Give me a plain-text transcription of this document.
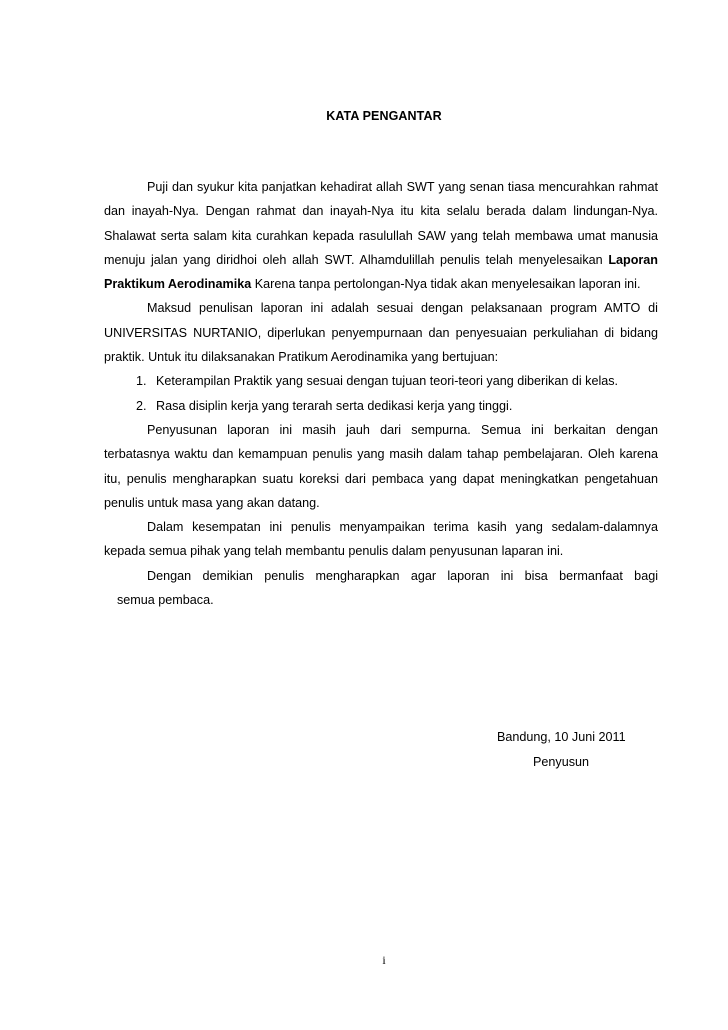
KATA PENGANTAR

Puji dan syukur kita panjatkan kehadirat allah SWT yang senan tiasa mencurahkan rahmat dan inayah-Nya. Dengan rahmat dan inayah-Nya itu kita selalu berada dalam lindungan-Nya. Shalawat serta salam kita curahkan kepada rasulullah SAW yang telah membawa umat manusia menuju jalan yang diridhoi oleh allah SWT. Alhamdulillah penulis telah menyelesaikan Laporan Praktikum Aerodinamika Karena tanpa pertolongan-Nya tidak akan menyelesaikan laporan ini.

Maksud penulisan laporan ini adalah sesuai dengan pelaksanaan program AMTO di UNIVERSITAS NURTANIO, diperlukan penyempurnaan dan penyesuaian perkuliahan di bidang praktik. Untuk itu dilaksanakan Pratikum Aerodinamika yang bertujuan:

1. Keterampilan Praktik yang sesuai dengan tujuan teori-teori yang diberikan di kelas.
2. Rasa disiplin kerja yang terarah serta dedikasi kerja yang tinggi.

Penyusunan laporan ini masih jauh dari sempurna. Semua ini berkaitan dengan terbatasnya waktu dan kemampuan penulis yang masih dalam tahap pembelajaran. Oleh karena itu, penulis mengharapkan suatu koreksi dari pembaca yang dapat meningkatkan pengetahuan penulis untuk masa yang akan datang.

Dalam kesempatan ini penulis menyampaikan terima kasih yang sedalam-dalamnya kepada semua pihak yang telah membantu penulis dalam penyusunan laparan ini.

Dengan demikian penulis mengharapkan agar laporan ini bisa bermanfaat bagi
semua pembaca.

Bandung, 10 Juni 2011
Penyusun
i
